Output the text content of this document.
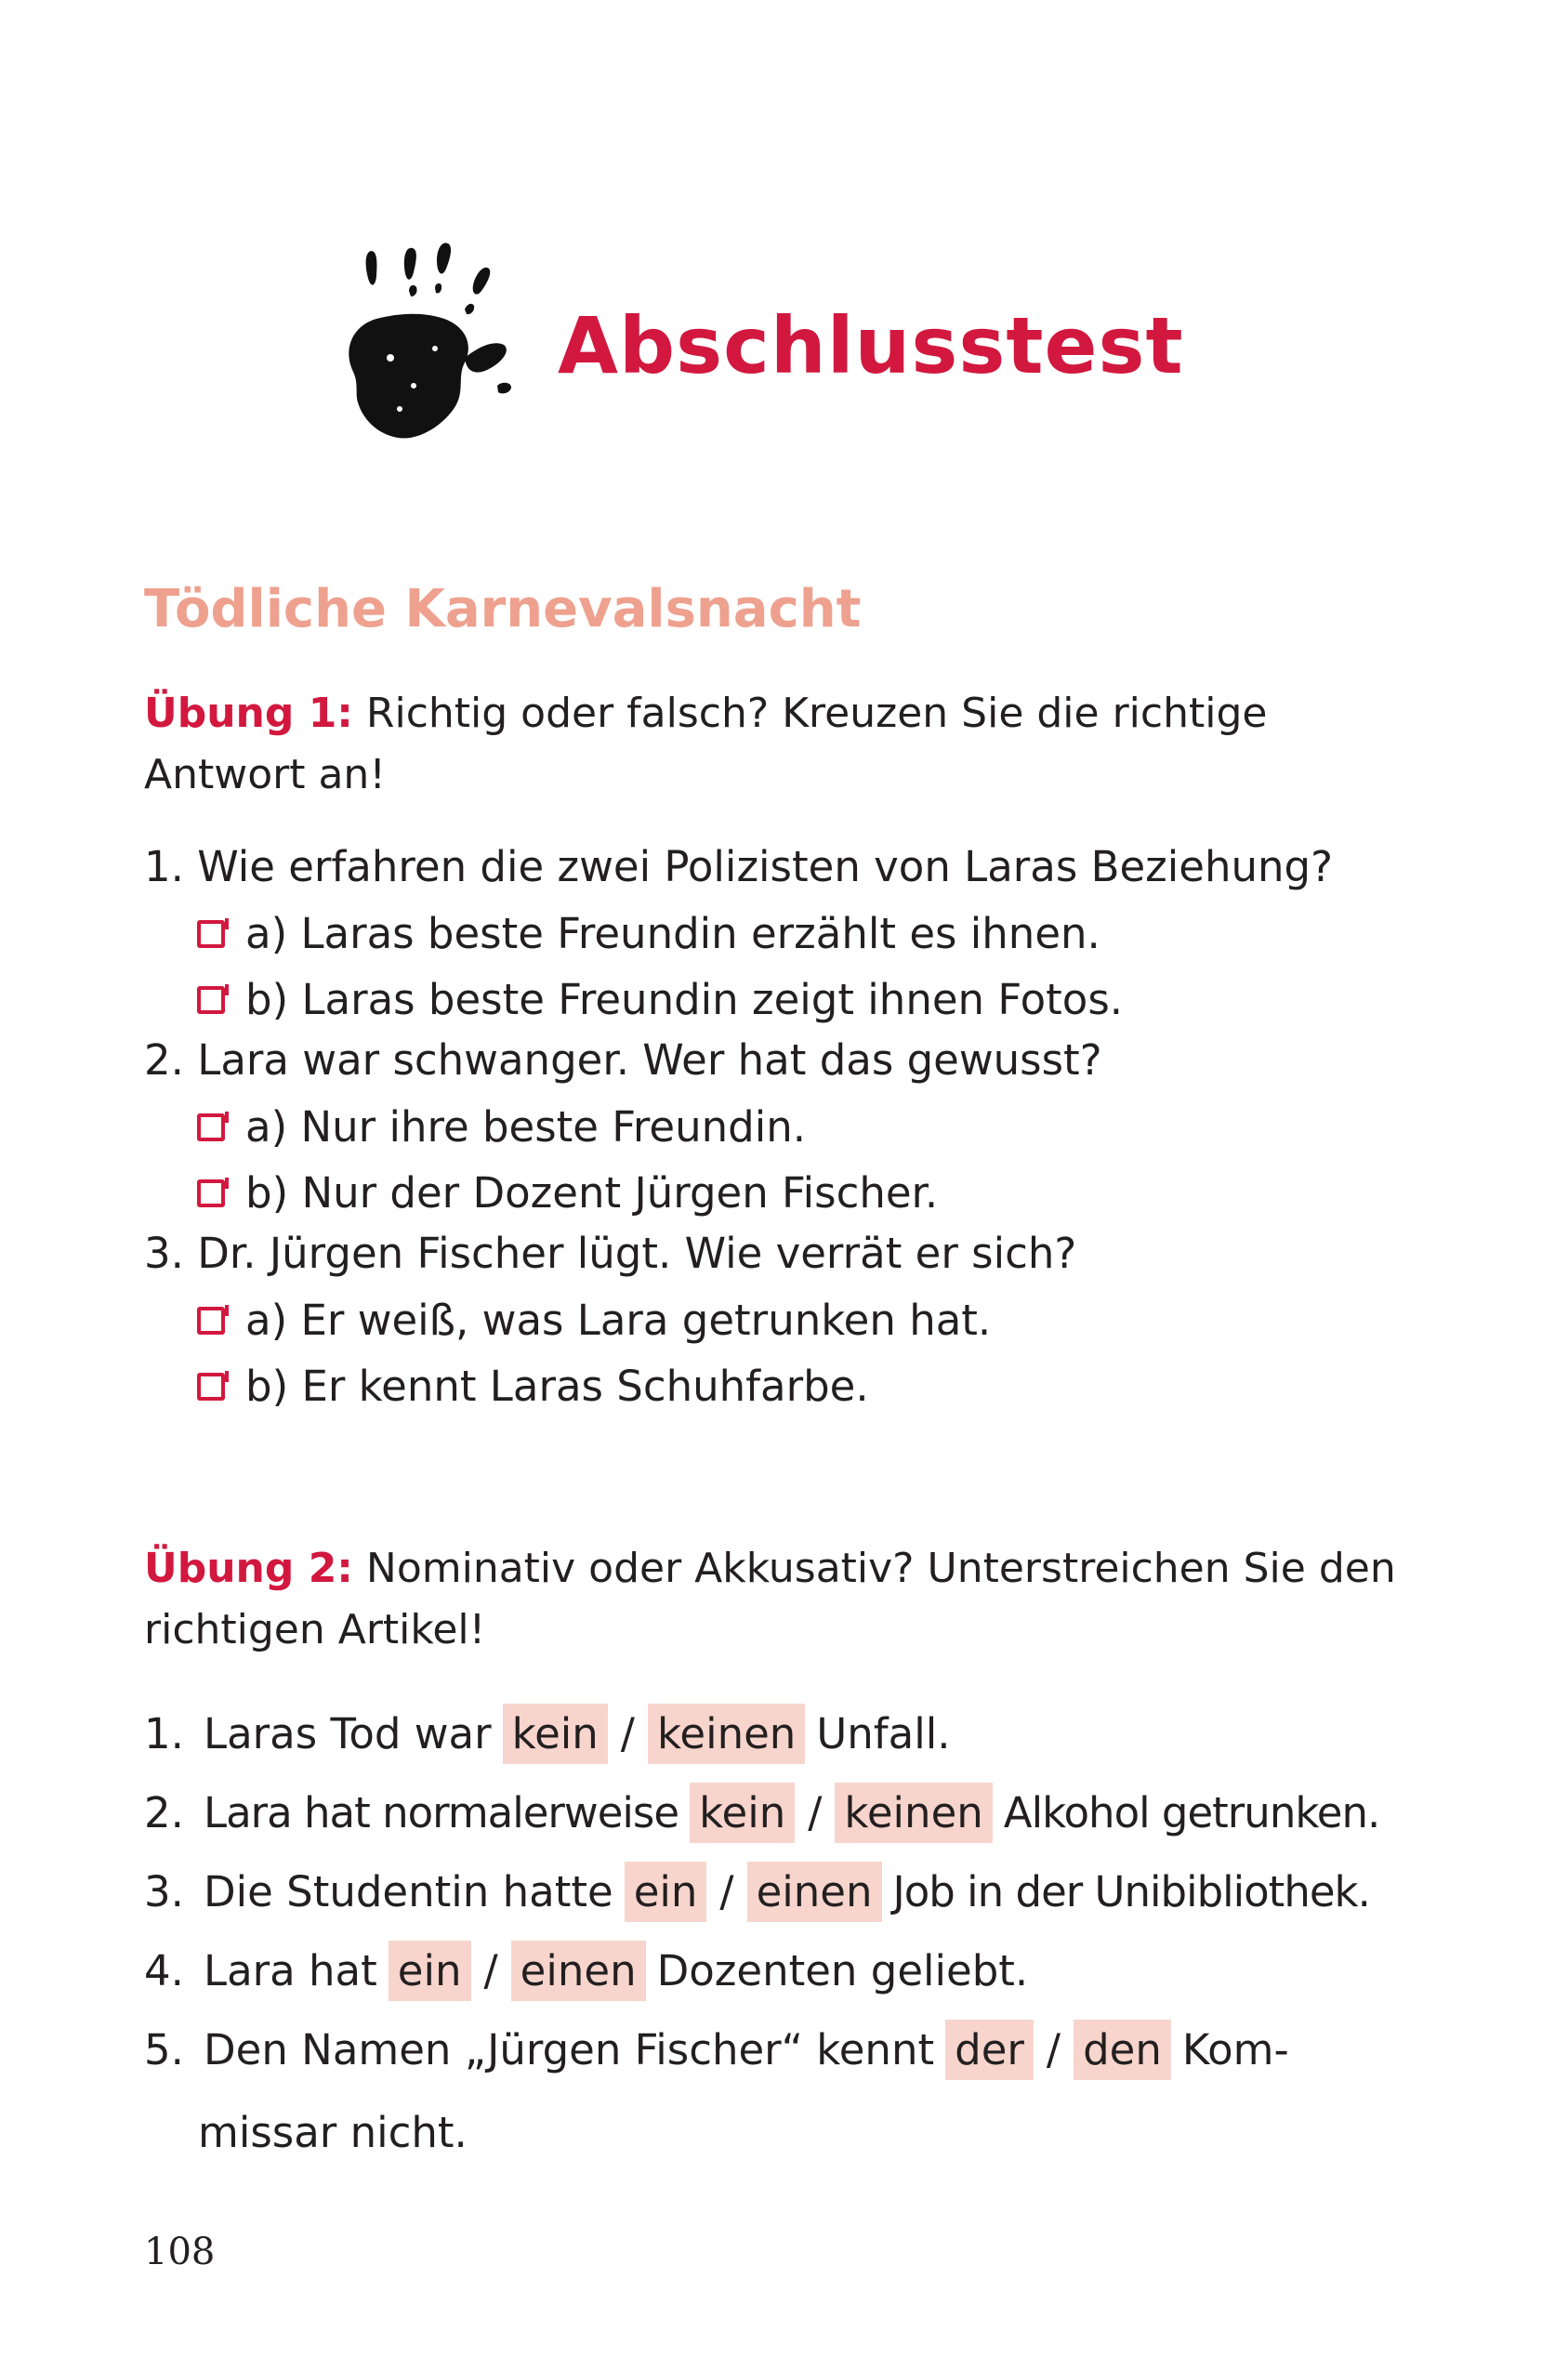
Abschlusstest
Tödliche Karnevalsnacht
Übung 1: Richtig oder falsch? Kreuzen Sie die richtige Antwort an!
1. Wie erfahren die zwei Polizisten von Laras Beziehung?
a)
Laras beste Freundin erzählt es ihnen.
b)
Laras beste Freundin zeigt ihnen Fotos.
2. Lara war schwanger. Wer hat das gewusst?
a)
Nur ihre beste Freundin.
b)
Nur der Dozent Jürgen Fischer.
3. Dr. Jürgen Fischer lügt. Wie verrät er sich?
a)
Er weiß, was Lara getrunken hat.
b)
Er kennt Laras Schuhfarbe.
Übung 2: Nominativ oder Akkusativ? Unterstreichen Sie den richtigen Artikel!
1. Laras Tod war kein / keinen Unfall.
2. Lara hat normalerweise kein / keinen Alkohol getrunken.
3. Die Studentin hatte ein / einen Job in der Unibibliothek.
4. Lara hat ein / einen Dozenten geliebt.
5. Den Namen „Jürgen Fischer“ kennt der / den Kom-
missar nicht.
108
